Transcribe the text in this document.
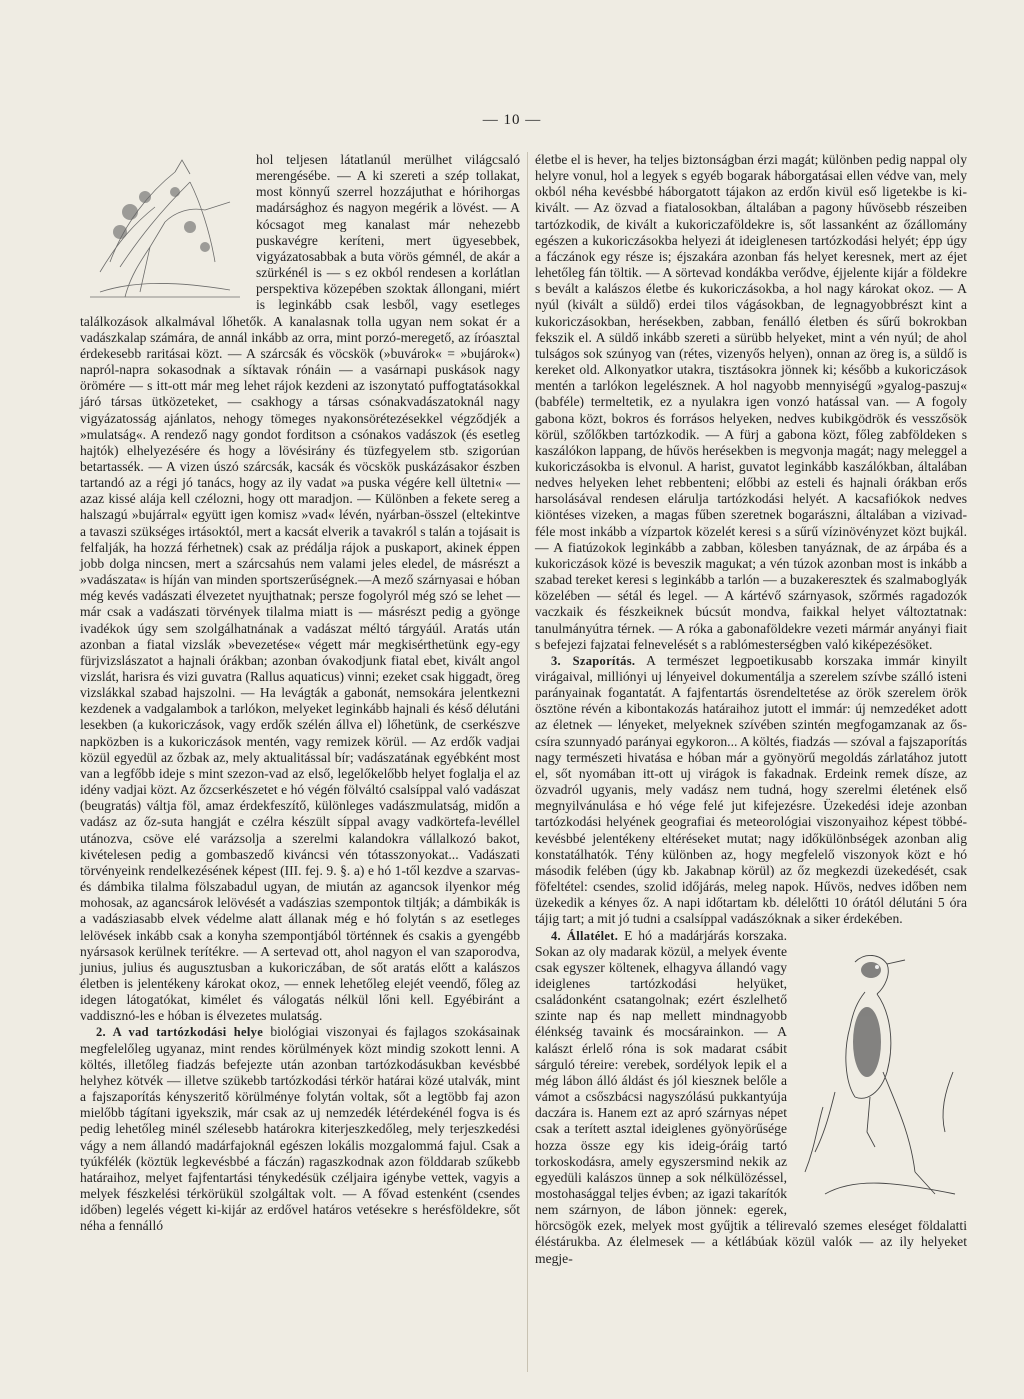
— 10 —

hol teljesen látatlanúl merülhet világcsaló merengésébe. — A ki szereti a szép tollakat, most könnyű szerrel hozzájuthat e hórihorgas madársághoz és nagyon megérik a lövést. — A kócsagot meg kanalast már nehezebb puskavégre keríteni, mert ügyesebbek, vigyázatosabbak a buta vörös gémnél, de akár a szürkénél is — s ez okból rendesen a korlátlan perspektiva közepében szoktak állongani, miért is leginkább csak lesből, vagy esetleges találkozások alkalmával lőhetők. A kanalasnak tolla ugyan nem sokat ér a vadászkalap számára, de annál inkább az orra, mint porzó-meregető, az íróasztal érdekesebb raritásai közt. — A szárcsák és vöcskök (»buvárok« = »bujárok«) napról-napra sokasodnak a síktavak rónáin — a vasárnapi puskások nagy örömére — s itt-ott már meg lehet rájok kezdeni az iszonytató puffogtatásokkal járó társas ütközeteket, — csakhogy a társas csónakvadászatoknál nagy vigyázatosság ajánlatos, nehogy tömeges nyakonsörétezésekkel végződjék a »mulatság«. A rendező nagy gondot forditson a csónakos vadászok (és esetleg hajtók) elhelyezésére és hogy a lövésirány és tüzfegyelem stb. szigorúan betartassék. — A vizen úszó szárcsák, kacsák és vöcskök puskázásakor észben tartandó az a régi jó tanács, hogy az ily vadat »a puska végére kell ültetni« — azaz kissé alája kell czélozni, hogy ott maradjon. — Különben a fekete sereg a halszagú »bujárral« együtt igen komisz »vad« lévén, nyárban-összel (eltekintve a tavaszi szükséges irtásoktól, mert a kacsát elverik a tavakról s talán a tojásait is felfalják, ha hozzá férhetnek) csak az prédálja rájok a puskaport, akinek éppen jobb dolga nincsen, mert a szárcsahús nem valami jeles eledel, de másrészt a »vadászata« is híján van minden sportszerűségnek.—A mező szárnyasai e hóban még kevés vadászati élvezetet nyujthatnak; persze fogolyról még szó se lehet — már csak a vadászati törvények tilalma miatt is — másrészt pedig a gyönge ivadékok úgy sem szolgálhatnának a vadászat méltó tárgyáúl. Aratás után azonban a fiatal vizslák »bevezetése« végett már megkisérthetünk egy-egy fürjvizslászatot a hajnali órákban; azonban óvakodjunk fiatal ebet, kivált angol vizslát, harisra és vizi guvatra (Rallus aquaticus) vinni; ezeket csak higgadt, öreg vizslákkal szabad hajszolni. — Ha levágták a gabonát, nemsokára jelentkezni kezdenek a vadgalambok a tarlókon, melyeket leginkább hajnali és késő délutáni lesekben (a kukoriczások, vagy erdők szélén állva el) lőhetünk, de cserkészve napközben is a kukoriczások mentén, vagy remizek körül. — Az erdők vadjai közül egyedül az őzbak az, mely aktualitással bír; vadászatának egyébként most van a legfőbb ideje s mint szezon-vad az első, legelőkelőbb helyet foglalja el az idény vadjai közt. Az őzcserkészetet e hó végén fölváltó csalsíppal való vadászat (beugratás) váltja föl, amaz érdekfeszítő, különleges vadászmulatság, midőn a vadász az őz-suta hangját e czélra készült síppal avagy vadkörtefa-levéllel utánozva, csöve elé varázsolja a szerelmi kalandokra vállalkozó bakot, kivételesen pedig a gombaszedő kiváncsi vén tótasszonyokat... Vadászati törvényeink rendelkezésének képest (III. fej. 9. §. a) e hó 1-től kezdve a szarvas- és dámbika tilalma fölszabadul ugyan, de miután az agancsok ilyenkor még mohosak, az agancsárok lelövését a vadászias szempontok tiltják; a dámbikák is a vadásziasabb elvek védelme alatt állanak még e hó folytán s az esetleges lelövések inkább csak a konyha szempontjából történnek és csakis a gyengébb nyársasok kerülnek terítékre. — A sertevad ott, ahol nagyon el van szaporodva, junius, julius és augusztusban a kukoriczában, de sőt aratás előtt a kalászos életben is jelentékeny károkat okoz, — ennek lehetőleg elejét veendő, főleg az idegen látogatókat, kimélet és válogatás nélkül lőni kell. Egyébiránt a vaddisznó-les e hóban is élvezetes mulatság.

2. A vad tartózkodási helye biológiai viszonyai és fajlagos szokásainak megfelelőleg ugyanaz, mint rendes körülmények közt mindig szokott lenni. A költés, illetőleg fiadzás befejezte után azonban tartózkodásukban kevésbbé helyhez kötvék — illetve szükebb tartózkodási térkör határai közé utalvák, mint a fajszaporítás kényszeritő körülménye folytán voltak, sőt a legtöbb faj azon mielőbb tágítani igyekszik, már csak az uj nemzedék létérdekénél fogva is és pedig lehetőleg minél szélesebb határokra kiterjeszkedőleg, mely terjeszkedési vágy a nem állandó madárfajoknál egészen lokális mozgalommá fajul. Csak a tyúkfélék (köztük legkevésbbé a fáczán) ragaszkodnak azon földdarab szűkebb határaihoz, melyet fajfentartási ténykedésük czéljaira igénybe vettek, vagyis a melyek fészkelési térkörükül szolgáltak volt. — A fővad estenként (csendes időben) legelés végett ki-kijár az erdővel határos vetésekre s herésföldekre, sőt néha a fennálló

életbe el is hever, ha teljes biztonságban érzi magát; különben pedig nappal oly helyre vonul, hol a legyek s egyéb bogarak háborgatásai ellen védve van, mely okból néha kevésbbé háborgatott tájakon az erdőn kivül eső ligetekbe is ki-kivált. — Az özvad a fiatalosokban, általában a pagony hűvösebb részeiben tartózkodik, de kivált a kukoriczaföldekre is, sőt lassanként az őzállomány egészen a kukoriczásokba helyezi át ideiglenesen tartózkodási helyét; épp úgy a fáczánok egy része is; éjszakára azonban fás helyet keresnek, mert az éjet lehetőleg fán töltik. — A sörtevad kondákba verődve, éjjelente kijár a földekre s bevált a kalászos életbe és kukoriczásokba, a hol nagy károkat okoz. — A nyúl (kivált a süldő) erdei tilos vágásokban, de legnagyobbrészt kint a kukoriczásokban, herésekben, zabban, fenálló életben és sűrű bokrokban fekszik el. A süldő inkább szereti a sürübb helyeket, mint a vén nyúl; de ahol tulságos sok szúnyog van (rétes, vizenyős helyen), onnan az öreg is, a süldő is kereket old. Alkonyatkor utakra, tisztásokra jönnek ki; később a kukoriczások mentén a tarlókon legelésznek. A hol nagyobb mennyiségű »gyalog-paszuj« (babféle) termeltetik, ez a nyulakra igen vonzó hatással van. — A fogoly gabona közt, bokros és forrásos helyeken, nedves kubikgödrök és vesszősök körül, szőlőkben tartózkodik. — A fürj a gabona közt, főleg zabföldeken s kaszálókon lappang, de hűvös herésekben is megvonja magát; nagy meleggel a kukoriczásokba is elvonul. A harist, guvatot leginkább kaszálókban, általában nedves helyeken lehet rebbenteni; előbbi az esteli és hajnali órákban erős harsolásával rendesen elárulja tartózkodási helyét. A kacsafiókok nedves kiöntéses vizeken, a magas fűben szeretnek bogarászni, általában a vizivad-féle most inkább a vízpartok közelét keresi s a sűrű vízinövényzet közt bujkál. — A fiatúzokok leginkább a zabban, kölesben tanyáznak, de az árpába és a kukoriczások közé is beveszik magukat; a vén túzok azonban most is inkább a szabad tereket keresi s leginkább a tarlón — a buzakeresztek és szalmaboglyák közelében — sétál és legel. — A kártévő szárnyasok, szőrmés ragadozók vaczkaik és fészkeiknek búcsút mondva, faikkal helyet változtatnak: tanulmányútra térnek. — A róka a gabonaföldekre vezeti mármár anyányi fiait s befejezi fajzatai felnevelését s a rablómesterségben való kiképezésöket.

3. Szaporítás. A természet legpoetikusabb korszaka immár kinyilt virágaival, milliónyi uj lényeivel dokumentálja a szerelem szívbe szálló isteni parányainak fogantatát. A fajfentartás ösrendeltetése az örök szerelem örök ösztöne révén a kibontakozás határaihoz jutott el immár: új nemzedéket adott az életnek — lényeket, melyeknek szívében szintén megfogamzanak az ős-csíra szunnyadó parányai egykoron... A költés, fiadzás — szóval a fajszaporítás nagy természeti hivatása e hóban már a gyönyörű megoldás zárlatához jutott el, sőt nyomában itt-ott uj virágok is fakadnak. Erdeink remek dísze, az özvadról ugyanis, mely vadász nem tudná, hogy szerelmi életének első megnyilvánulása e hó vége felé jut kifejezésre. Üzekedési ideje azonban tartózkodási helyének geografiai és meteorológiai viszonyaihoz képest többé-kevésbbé jelentékeny eltéréseket mutat; nagy időkülönbségek azonban alig konstatálhatók. Tény különben az, hogy megfelelő viszonyok közt e hó második felében (úgy kb. Jakabnap körül) az őz megkezdi üzekedését, csak föfeltétel: csendes, szolid időjárás, meleg napok. Hűvös, nedves időben nem üzekedik a kényes őz. A napi időtartam kb. délelőtti 10 órától délutáni 5 óra tájig tart; a mit jó tudni a csalsíppal vadászóknak a siker érdekében.

4. Állatélet. E hó a madárjárás korszaka. Sokan az oly madarak közül, a melyek évente csak egyszer költenek, elhagyva állandó vagy ideiglenes tartózkodási helyüket, családonként csatangolnak; ezért észlelhető szinte nap és nap mellett mindnagyobb élénkség tavaink és mocsárainkon. — A kalászt érlelő róna is sok madarat csábit sárguló téreire: verebek, sordélyok lepik el a még lábon álló áldást és jól kiesznek belőle a vámot a csőszbácsi nagyszólású pukkantyúja daczára is. Hanem ezt az apró szárnyas népet csak a terített asztal ideiglenes gyönyörűsége hozza össze egy kis ideig-óráig tartó torkoskodásra, amely egyszersmind nekik az egyedüli kalászos ünnep a sok nélkülözéssel, mostohasággal teljes évben; az igazi takarítók nem szárnyon, de lábon jönnek: egerek, hörcsögök ezek, melyek most gyűjtik a télirevaló szemes eleséget földalatti éléstárukba. Az élelmesek — a kétlábúak közül valók — az ily helyeket megje-
